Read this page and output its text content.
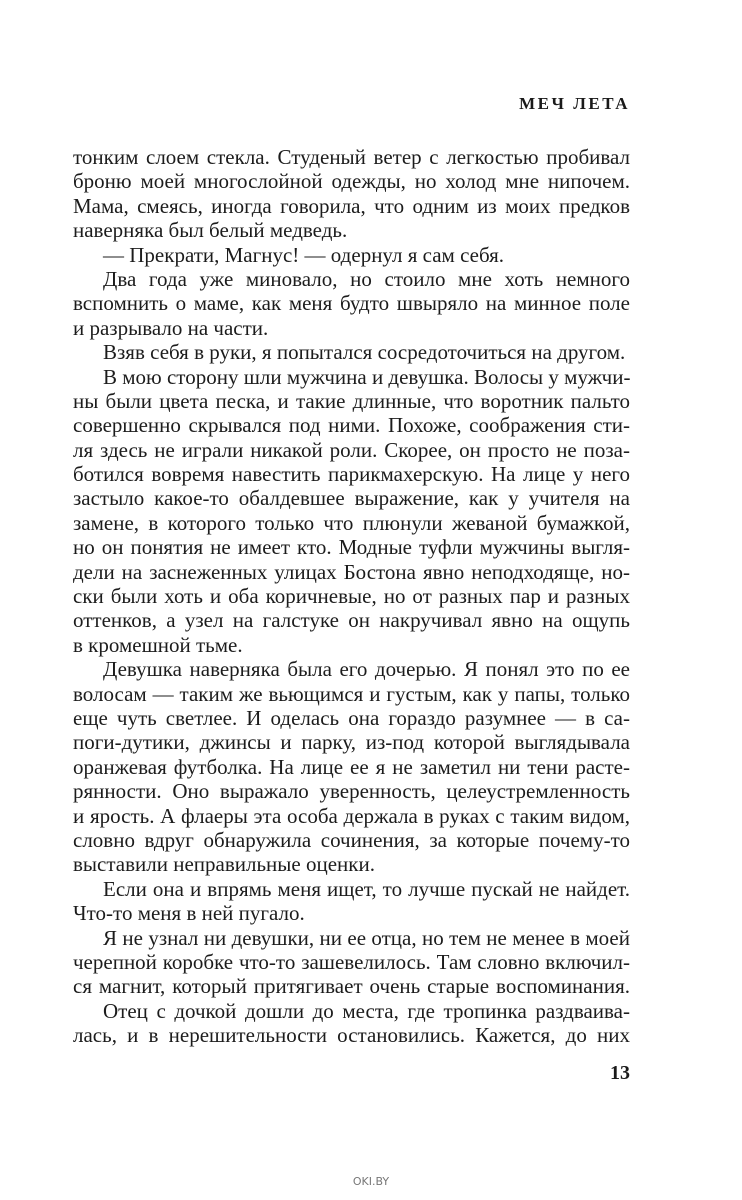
МЕЧ ЛЕТА
тонким слоем стекла. Студеный ветер с легкостью пробивал
броню моей многослойной одежды, но холод мне нипочем.
Мама, смеясь, иногда говорила, что одним из моих предков
наверняка был белый медведь.
— Прекрати, Магнус! — одернул я сам себя.
Два года уже миновало, но стоило мне хоть немного
вспомнить о маме, как меня будто швыряло на минное поле
и разрывало на части.
Взяв себя в руки, я попытался сосредоточиться на другом.
В мою сторону шли мужчина и девушка. Волосы у мужчи-
ны были цвета песка, и такие длинные, что воротник пальто
совершенно скрывался под ними. Похоже, соображения сти-
ля здесь не играли никакой роли. Скорее, он просто не поза-
ботился вовремя навестить парикмахерскую. На лице у него
застыло какое-то обалдевшее выражение, как у учителя на
замене, в которого только что плюнули жеваной бумажкой,
но он понятия не имеет кто. Модные туфли мужчины выгля-
дели на заснеженных улицах Бостона явно неподходяще, но-
ски были хоть и оба коричневые, но от разных пар и разных
оттенков, а узел на галстуке он накручивал явно на ощупь
в кромешной тьме.
Девушка наверняка была его дочерью. Я понял это по ее
волосам — таким же вьющимся и густым, как у папы, только
еще чуть светлее. И оделась она гораздо разумнее — в са-
поги-дутики, джинсы и парку, из-под которой выглядывала
оранжевая футболка. На лице ее я не заметил ни тени расте-
рянности. Оно выражало уверенность, целеустремленность
и ярость. А флаеры эта особа держала в руках с таким видом,
словно вдруг обнаружила сочинения, за которые почему-то
выставили неправильные оценки.
Если она и впрямь меня ищет, то лучше пускай не найдет.
Что-то меня в ней пугало.
Я не узнал ни девушки, ни ее отца, но тем не менее в моей
черепной коробке что-то зашевелилось. Там словно включил-
ся магнит, который притягивает очень старые воспоминания.
Отец с дочкой дошли до места, где тропинка раздваива-
лась, и в нерешительности остановились. Кажется, до них
13
OKI.BY
